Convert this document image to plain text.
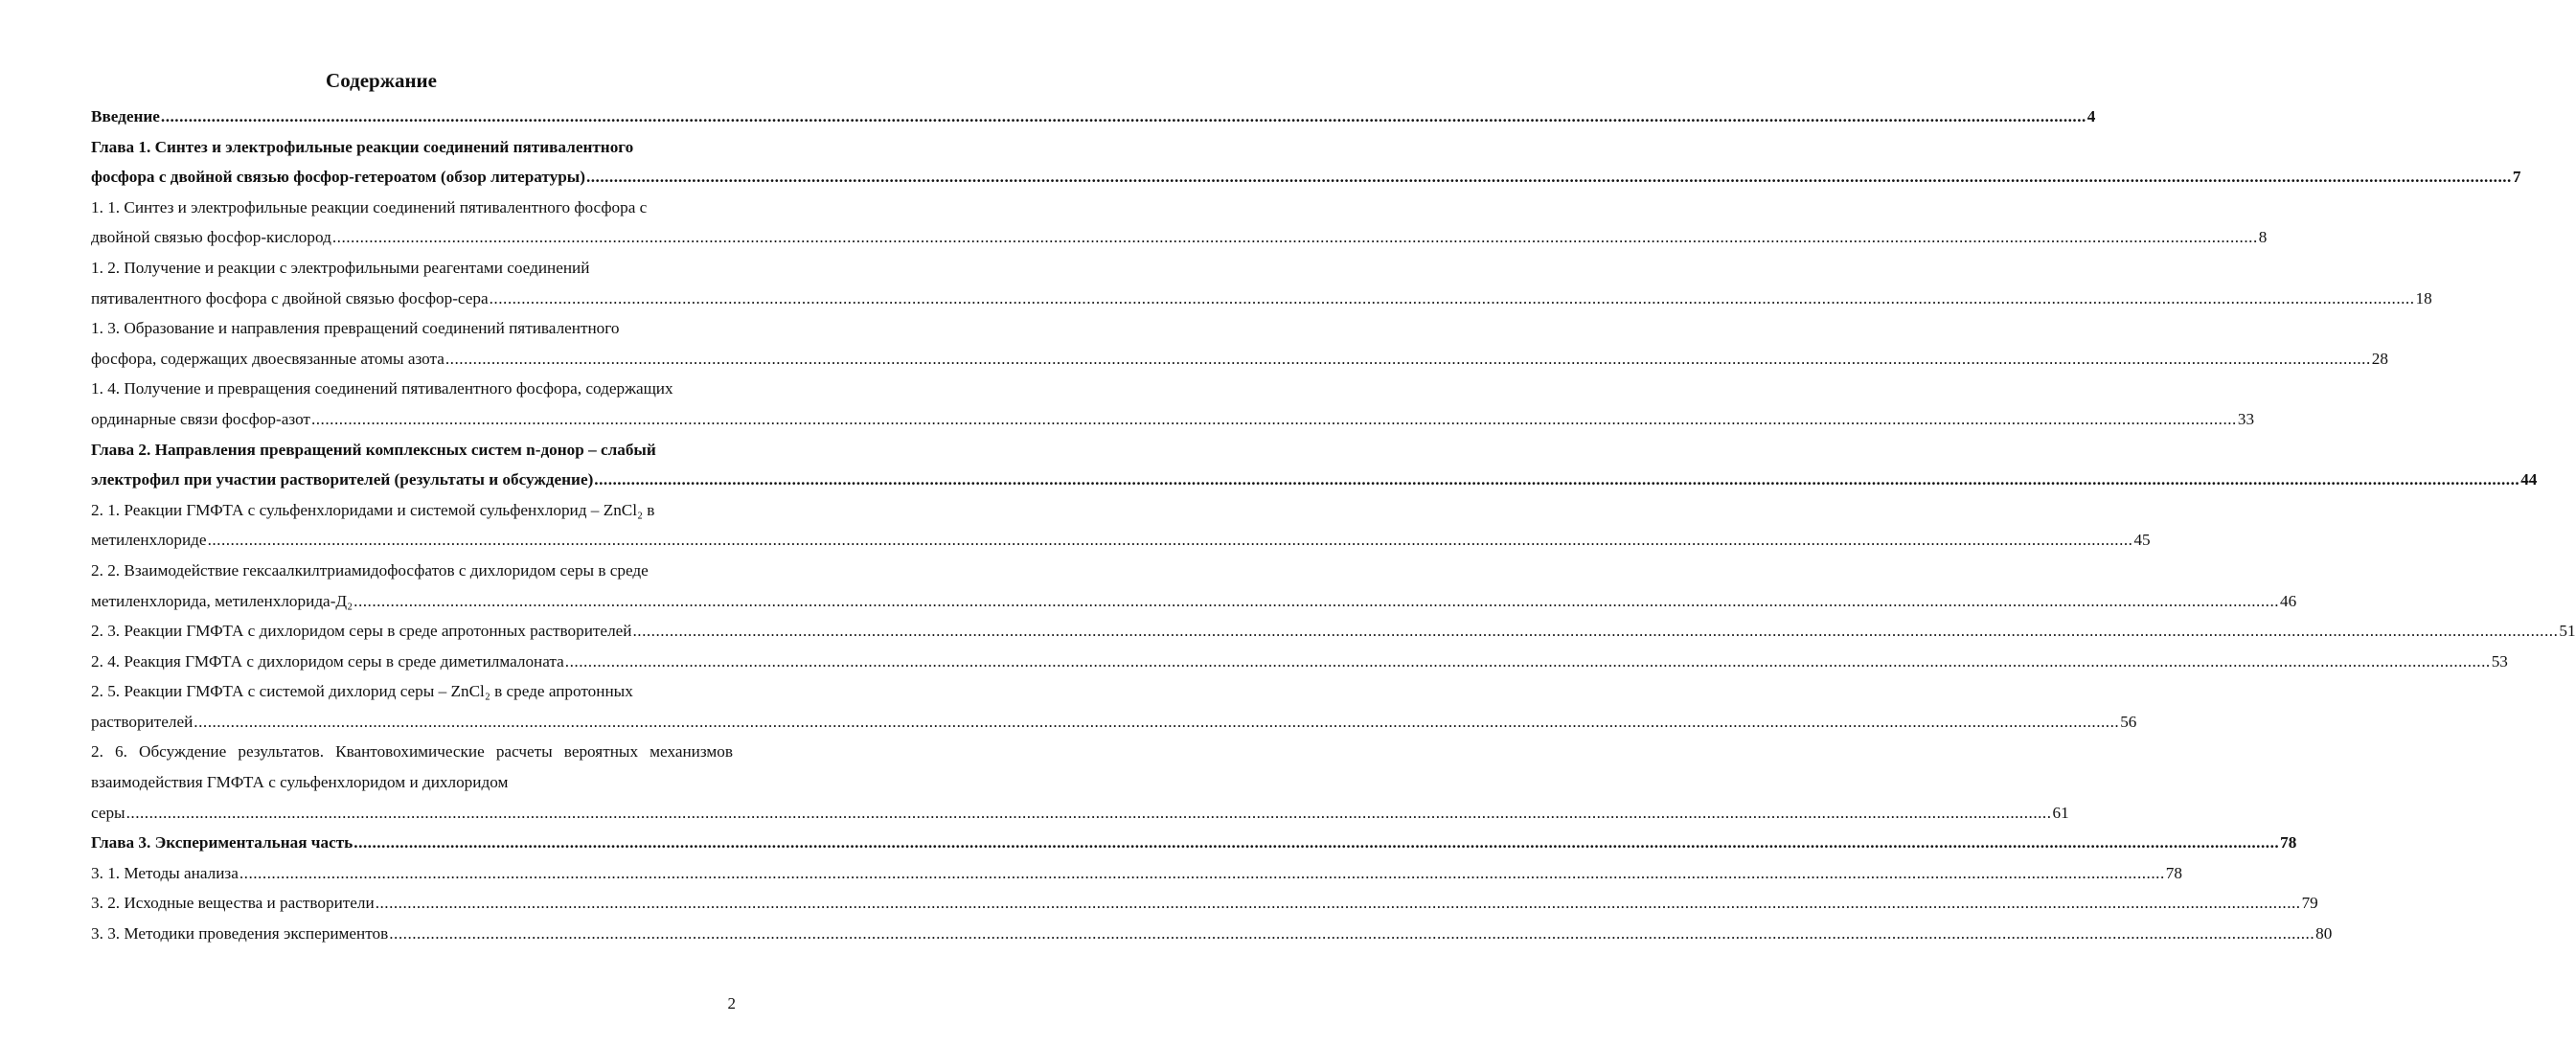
Содержание
Введение .....	4
Глава 1. Синтез и электрофильные реакции соединений пятивалентного
фосфора с двойной связью фосфор-гетероатом (обзор литературы) .....	7
1. 1. Синтез и электрофильные реакции соединений пятивалентного фосфора с
двойной связью фосфор-кислород .....	8
1. 2. Получение и реакции с электрофильными реагентами соединений
пятивалентного фосфора с двойной связью фосфор-сера .....	18
1. 3. Образование и направления превращений соединений пятивалентного
фосфора, содержащих двоесвязанные атомы азота .....	28
1. 4. Получение и превращения соединений пятивалентного фосфора, содержащих
ординарные связи фосфор-азот .....	33
Глава 2. Направления превращений комплексных систем n-донор – слабый
электрофил при участии растворителей (результаты и обсуждение) .....	44
2. 1. Реакции ГМФТА с сульфенхлоридами и системой сульфенхлорид – ZnCl₂ в
метиленхлориде .....	45
2. 2. Взаимодействие гексаалкилтриамидофосфатов с дихлоридом серы в среде
метиленхлорида, метиленхлорида-Д₂ .....	46
2. 3. Реакции ГМФТА с дихлоридом серы в среде апротонных растворителей .....	51
2. 4. Реакция ГМФТА с дихлоридом серы в среде диметилмалоната .....	53
2. 5. Реакции ГМФТА с системой дихлорид серы – ZnCl₂ в среде апротонных
растворителей .....	56
2. 6. Обсуждение результатов. Квантовохимические расчеты вероятных механизмов взаимодействия ГМФТА с сульфенхлоридом и дихлоридом
серы .....	61
Глава 3. Экспериментальная часть .....	78
3. 1. Методы анализа .....	78
3. 2. Исходные вещества и растворители .....	79
3. 3. Методики проведения экспериментов .....	80
2
